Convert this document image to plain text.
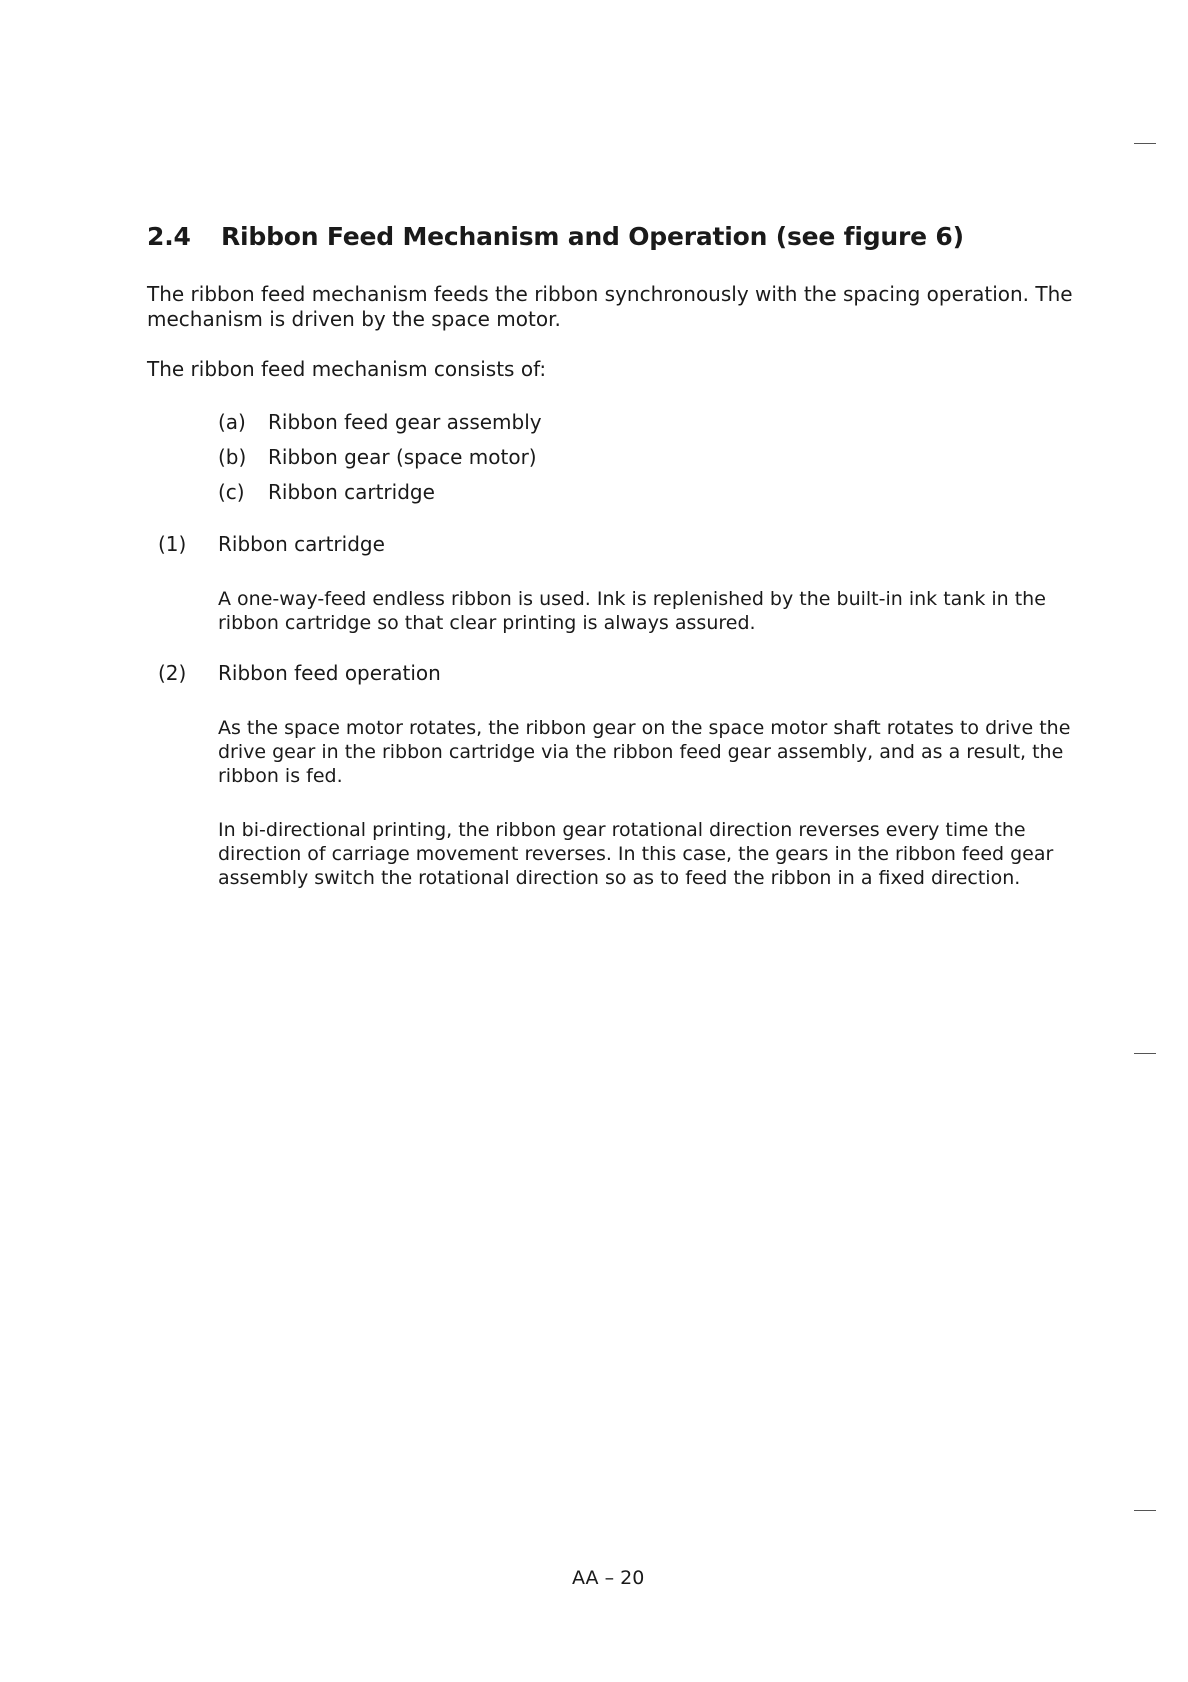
2.4 Ribbon Feed Mechanism and Operation (see figure 6)
The ribbon feed mechanism feeds the ribbon synchronously with the spacing operation. The mechanism is driven by the space motor.
The ribbon feed mechanism consists of:
(a) Ribbon feed gear assembly
(b) Ribbon gear (space motor)
(c) Ribbon cartridge
(1) Ribbon cartridge
A one-way-feed endless ribbon is used. Ink is replenished by the built-in ink tank in the ribbon cartridge so that clear printing is always assured.
(2) Ribbon feed operation
As the space motor rotates, the ribbon gear on the space motor shaft rotates to drive the drive gear in the ribbon cartridge via the ribbon feed gear assembly, and as a result, the ribbon is fed.
In bi-directional printing, the ribbon gear rotational direction reverses every time the direction of carriage movement reverses. In this case, the gears in the ribbon feed gear assembly switch the rotational direction so as to feed the ribbon in a fixed direction.
AA – 20
